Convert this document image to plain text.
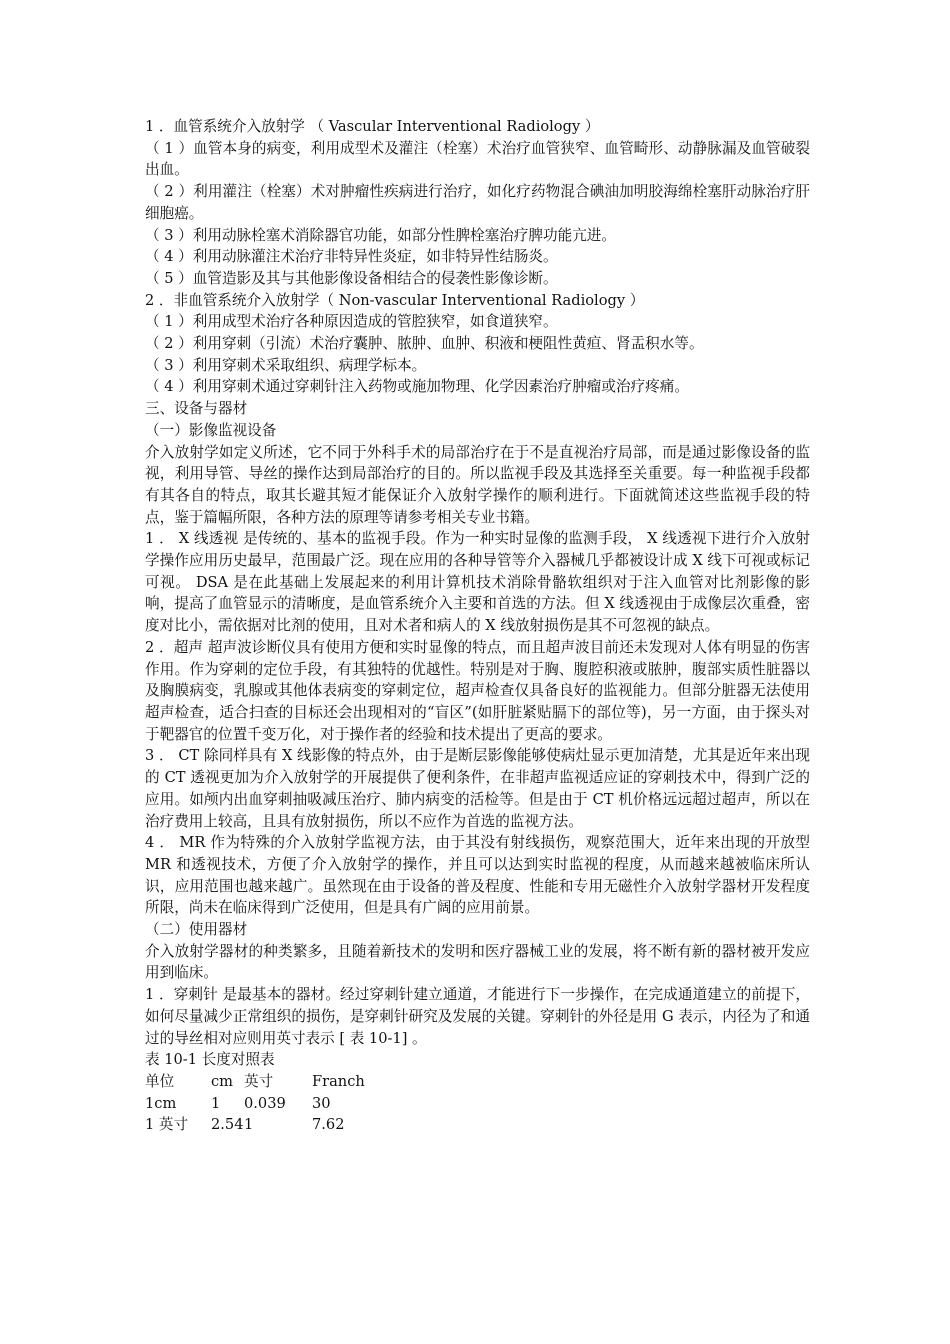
1 ．血管系统介入放射学 （ Vascular Interventional Radiology ）

（ 1 ）血管本身的病变，利用成型术及灌注（栓塞）术治疗血管狭窄、血管畸形、动静脉漏及血管破裂出血。

（ 2 ）利用灌注（栓塞）术对肿瘤性疾病进行治疗，如化疗药物混合碘油加明胶海绵栓塞肝动脉治疗肝细胞癌。

（ 3 ）利用动脉栓塞术消除器官功能，如部分性脾栓塞治疗脾功能亢进。

（ 4 ）利用动脉灌注术治疗非特异性炎症，如非特异性结肠炎。

（ 5 ）血管造影及其与其他影像设备相结合的侵袭性影像诊断。

2 ．非血管系统介入放射学（ Non-vascular Interventional Radiology ）

（ 1 ）利用成型术治疗各种原因造成的管腔狭窄，如食道狭窄。

（ 2 ）利用穿刺（引流）术治疗囊肿、脓肿、血肿、积液和梗阻性黄疸、肾盂积水等。

（ 3 ）利用穿刺术采取组织、病理学标本。

（ 4 ）利用穿刺术通过穿刺针注入药物或施加物理、化学因素治疗肿瘤或治疗疼痛。

三、设备与器材

（一）影像监视设备

介入放射学如定义所述，它不同于外科手术的局部治疗在于不是直视治疗局部，而是通过影像设备的监视，利用导管、导丝的操作达到局部治疗的目的。所以监视手段及其选择至关重要。每一种监视手段都有其各自的特点，取其长避其短才能保证介入放射学操作的顺利进行。下面就简述这些监视手段的特点，鉴于篇幅所限，各种方法的原理等请参考相关专业书籍。

1 ． X 线透视 是传统的、基本的监视手段。作为一种实时显像的监测手段， X 线透视下进行介入放射学操作应用历史最早，范围最广泛。现在应用的各种导管等介入器械几乎都被设计成 X 线下可视或标记可视。 DSA 是在此基础上发展起来的利用计算机技术消除骨骼软组织对于注入血管对比剂影像的影响，提高了血管显示的清晰度，是血管系统介入主要和首选的方法。但 X 线透视由于成像层次重叠，密度对比小，需依据对比剂的使用，且对术者和病人的 X 线放射损伤是其不可忽视的缺点。

2 ．超声 超声波诊断仪具有使用方便和实时显像的特点，而且超声波目前还未发现对人体有明显的伤害作用。作为穿刺的定位手段，有其独特的优越性。特别是对于胸、腹腔积液或脓肿，腹部实质性脏器以及胸膜病变，乳腺或其他体表病变的穿刺定位，超声检查仅具备良好的监视能力。但部分脏器无法使用超声检查，适合扫查的目标还会出现相对的“盲区”(如肝脏紧贴膈下的部位等)，另一方面，由于探头对于靶器官的位置千变万化，对于操作者的经验和技术提出了更高的要求。

3 ． CT 除同样具有 X 线影像的特点外，由于是断层影像能够使病灶显示更加清楚，尤其是近年来出现的 CT 透视更加为介入放射学的开展提供了便利条件，在非超声监视适应证的穿刺技术中，得到广泛的应用。如颅内出血穿刺抽吸减压治疗、肺内病变的活检等。但是由于 CT 机价格远远超过超声，所以在治疗费用上较高，且具有放射损伤，所以不应作为首选的监视方法。

4 ． MR 作为特殊的介入放射学监视方法，由于其没有射线损伤，观察范围大，近年来出现的开放型 MR 和透视技术，方便了介入放射学的操作，并且可以达到实时监视的程度，从而越来越被临床所认识，应用范围也越来越广。虽然现在由于设备的普及程度、性能和专用无磁性介入放射学器材开发程度所限，尚未在临床得到广泛使用，但是具有广阔的应用前景。

（二）使用器材

介入放射学器材的种类繁多，且随着新技术的发明和医疗器械工业的发展，将不断有新的器材被开发应用到临床。

1 ．穿刺针 是最基本的器材。经过穿刺针建立通道，才能进行下一步操作，在完成通道建立的前提下，如何尽量减少正常组织的损伤，是穿刺针研究及发展的关键。穿刺针的外径是用 G 表示，内径为了和通过的导丝相对应则用英寸表示 [ 表 10-1] 。

表 10-1 长度对照表

单位	cm	英寸	Franch
1cm	1	0.039	30
1 英寸	2.54	1	7.62
